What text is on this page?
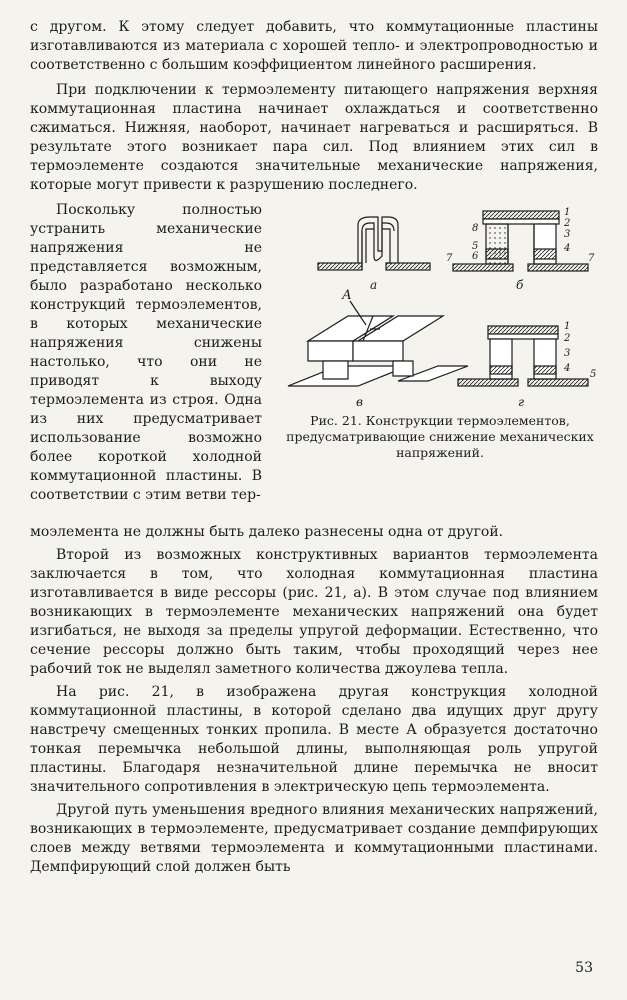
с другом. К этому следует добавить, что коммутационные пластины изготавливаются из материала с хорошей тепло- и электропроводностью и соответственно с большим коэффициентом линейного расширения.

При подключении к термоэлементу питающего напряжения верхняя коммутационная пластина начинает охлаждаться и соответственно сжиматься. Нижняя, наоборот, начинает нагреваться и расширяться. В результате этого возникает пара сил. Под влиянием этих сил в термоэлементе создаются значительные механические напряжения, которые могут привести к разрушению последнего.

Поскольку полностью устранить механические напряжения не представляется возможным, было разработано несколько конструкций термоэлементов, в которых механические напряжения снижены настолько, что они не приводят к выходу термоэлемента из строя. Одна из них предусматривает использование возможно более короткой холодной коммутационной пластины. В соответствии с этим ветви тер-

А
1
2
3
4
5
6
7	7
8
1
2
3
4
5
а	б
в	г
Рис. 21. Конструкции термоэлементов, предусматривающие снижение механических напряжений.

моэлемента не должны быть далеко разнесены одна от другой.

Второй из возможных конструктивных вариантов термоэлемента заключается в том, что холодная коммутационная пластина изготавливается в виде рессоры (рис. 21, а). В этом случае под влиянием возникающих в термоэлементе механических напряжений она будет изгибаться, не выходя за пределы упругой деформации. Естественно, что сечение рессоры должно быть таким, чтобы проходящий через нее рабочий ток не выделял заметного количества джоулева тепла.

На рис. 21, в изображена другая конструкция холодной коммутационной пластины, в которой сделано два идущих друг другу навстречу смещенных тонких пропила. В месте А образуется достаточно тонкая перемычка небольшой длины, выполняющая роль упругой пластины. Благодаря незначительной длине перемычка не вносит значительного сопротивления в электрическую цепь термоэлемента.

Другой путь уменьшения вредного влияния механических напряжений, возникающих в термоэлементе, предусматривает создание демпфирующих слоев между ветвями термоэлемента и коммутационными пластинами. Демпфирующий слой должен быть

53
